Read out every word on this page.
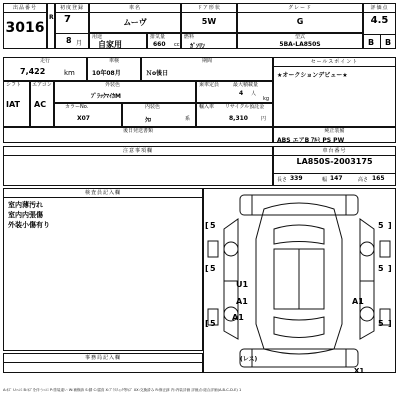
出品番号
3016
R
初度登録
7
8 月
車名
ムーヴ
ドア形状
5W
グレード
G
評価点
4.5
B B
用途
自家用
排気量
660 cc
燃料
ｶﾞｿﾘﾝ
型式
5BA-LA850S
走行
7,422	km
車検
10年08月
期間
Ｎo後日
セールスポイント
★オークションデビュー★
シフト
IAT
エアコン
AC
外装色
ﾌﾞﾗｯｸﾏｲｶM
乗車定員
4 人
最大積載量
kg
カラーNo.
X07
内装色
ｸﾛ	系
輸入車 リサイクル預託金
8,310	円
後日発送書類	純正装備
ABS エアB ｱﾙﾐ PS PW
注意事項欄	車台番号
LA850S-2003175
長さ 339	幅 147	高さ 165
検査員記入欄
室内薄汚れ
室内内張傷
外装小傷有り	5
[	5 ]
5
[	5 ]
5
[	5 ]
U1
A1
A1
A1
X1
(レス)
事務局記入欄
A:ｷｽﾞ U:ﾍｺﾐ B:ｷｽﾞを伴うﾍｺﾐ P:塗装違い W:補修跡 S:錆 C:腐食 X:ﾌﾟﾗｽﾃｨｯｸ等ｷｽﾞ XX:交換済み R:修正跡 内:内装評価 評価点:総合評価(A-B-C-D-E) 1
